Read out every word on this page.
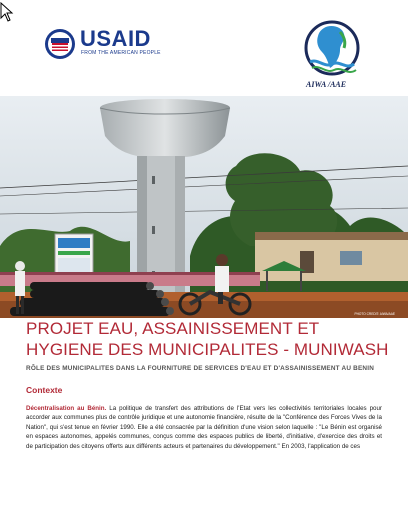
USAID
FROM THE AMERICAN PEOPLE
AIWA /AAE
PHOTO CREDIT: AIWA/AAE
PROJET EAU, ASSAINISSEMENT ET HYGIENE DES MUNICIPALITES - MUNIWASH

RÔLE DES MUNICIPALITES DANS LA FOURNITURE DE SERVICES D'EAU ET D'ASSAINISSEMENT AU BENIN

Contexte

Décentralisation au Bénin. La politique de transfert des attributions de l'Etat vers les collectivités territoriales locales pour accorder aux communes plus de contrôle juridique et une autonomie financière, résulte de la "Conférence des Forces Vives de la Nation", qui s'est tenue en février 1990. Elle a été consacrée par la définition d'une vision selon laquelle : "Le Bénin est organisé en espaces autonomes, appelés communes, conçus comme des espaces publics de liberté, d'initiative, d'exercice des droits et de participation des citoyens offerts aux différents acteurs et partenaires du développement." En 2003, l'application de ces
